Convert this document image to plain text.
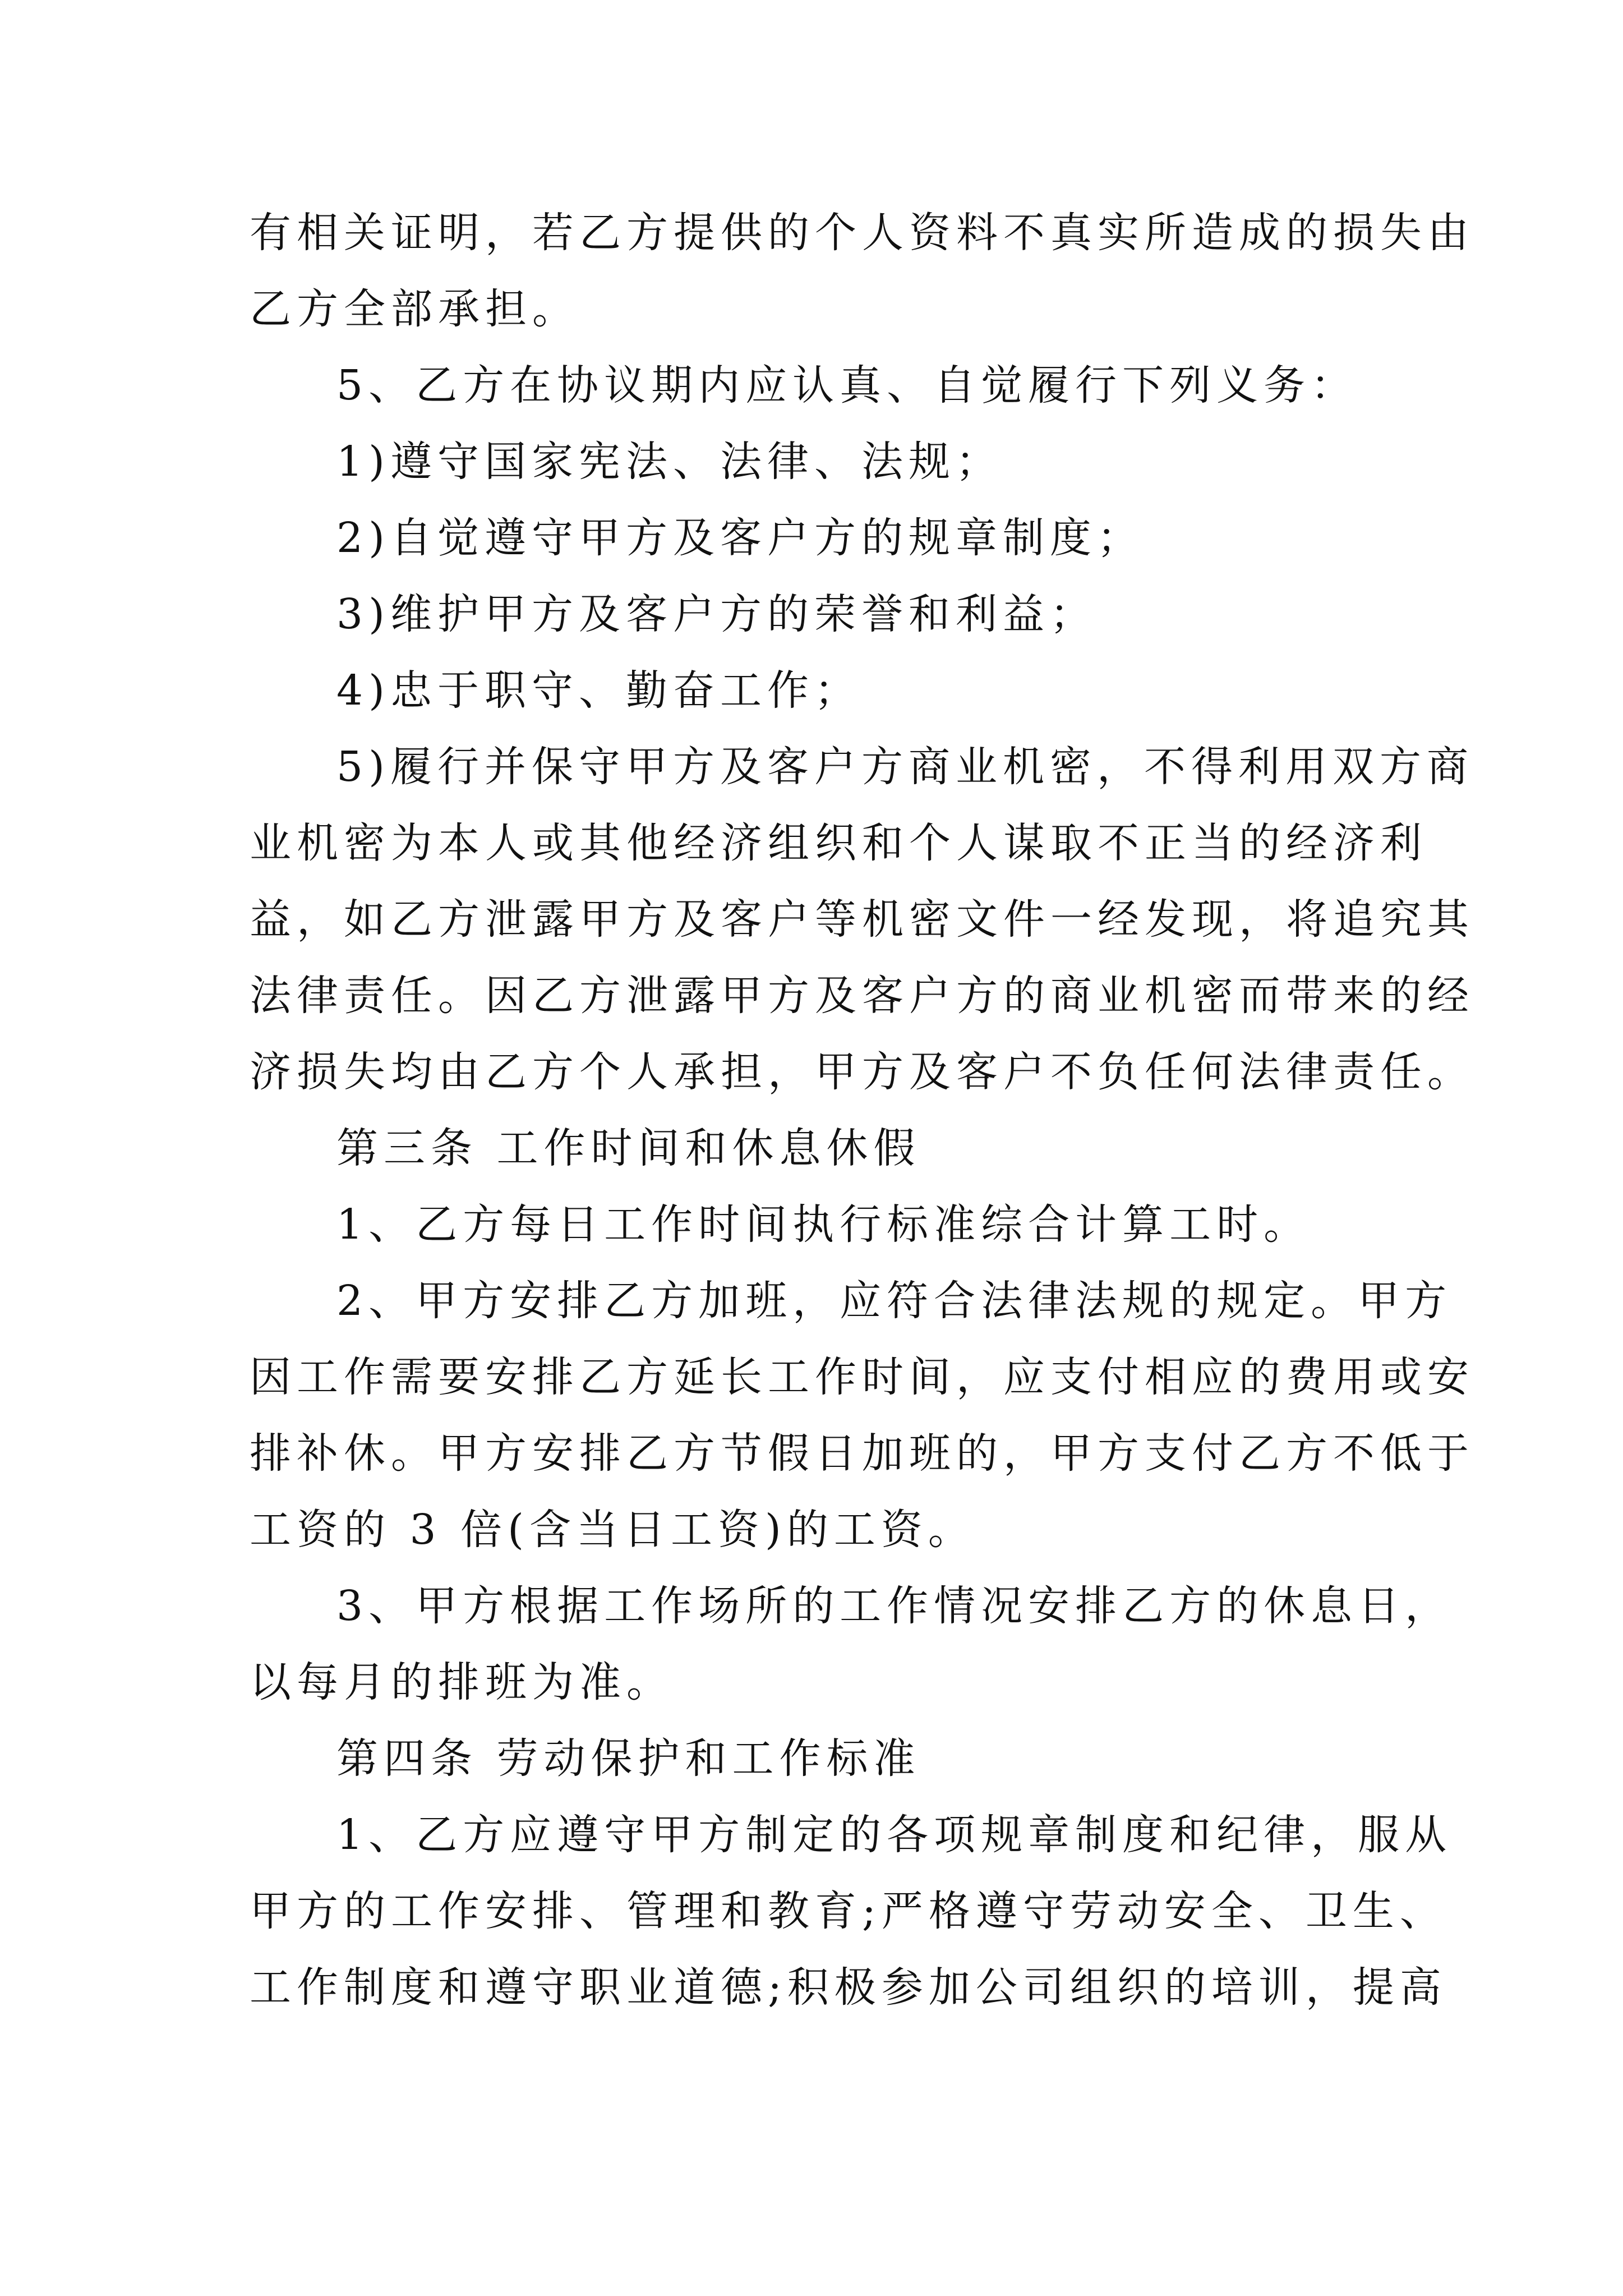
有相关证明，若乙方提供的个人资料不真实所造成的损失由
乙方全部承担。
5、乙方在协议期内应认真、自觉履行下列义务：
1)遵守国家宪法、法律、法规；
2)自觉遵守甲方及客户方的规章制度；
3)维护甲方及客户方的荣誉和利益；
4)忠于职守、勤奋工作；
5)履行并保守甲方及客户方商业机密，不得利用双方商
业机密为本人或其他经济组织和个人谋取不正当的经济利
益，如乙方泄露甲方及客户等机密文件一经发现，将追究其
法律责任。因乙方泄露甲方及客户方的商业机密而带来的经
济损失均由乙方个人承担，甲方及客户不负任何法律责任。
第三条 工作时间和休息休假
1、乙方每日工作时间执行标准综合计算工时。
2、甲方安排乙方加班，应符合法律法规的规定。甲方
因工作需要安排乙方延长工作时间，应支付相应的费用或安
排补休。甲方安排乙方节假日加班的，甲方支付乙方不低于
工资的 3 倍(含当日工资)的工资。
3、甲方根据工作场所的工作情况安排乙方的休息日，
以每月的排班为准。
第四条 劳动保护和工作标准
1、乙方应遵守甲方制定的各项规章制度和纪律，服从
甲方的工作安排、管理和教育;严格遵守劳动安全、卫生、
工作制度和遵守职业道德;积极参加公司组织的培训，提高
